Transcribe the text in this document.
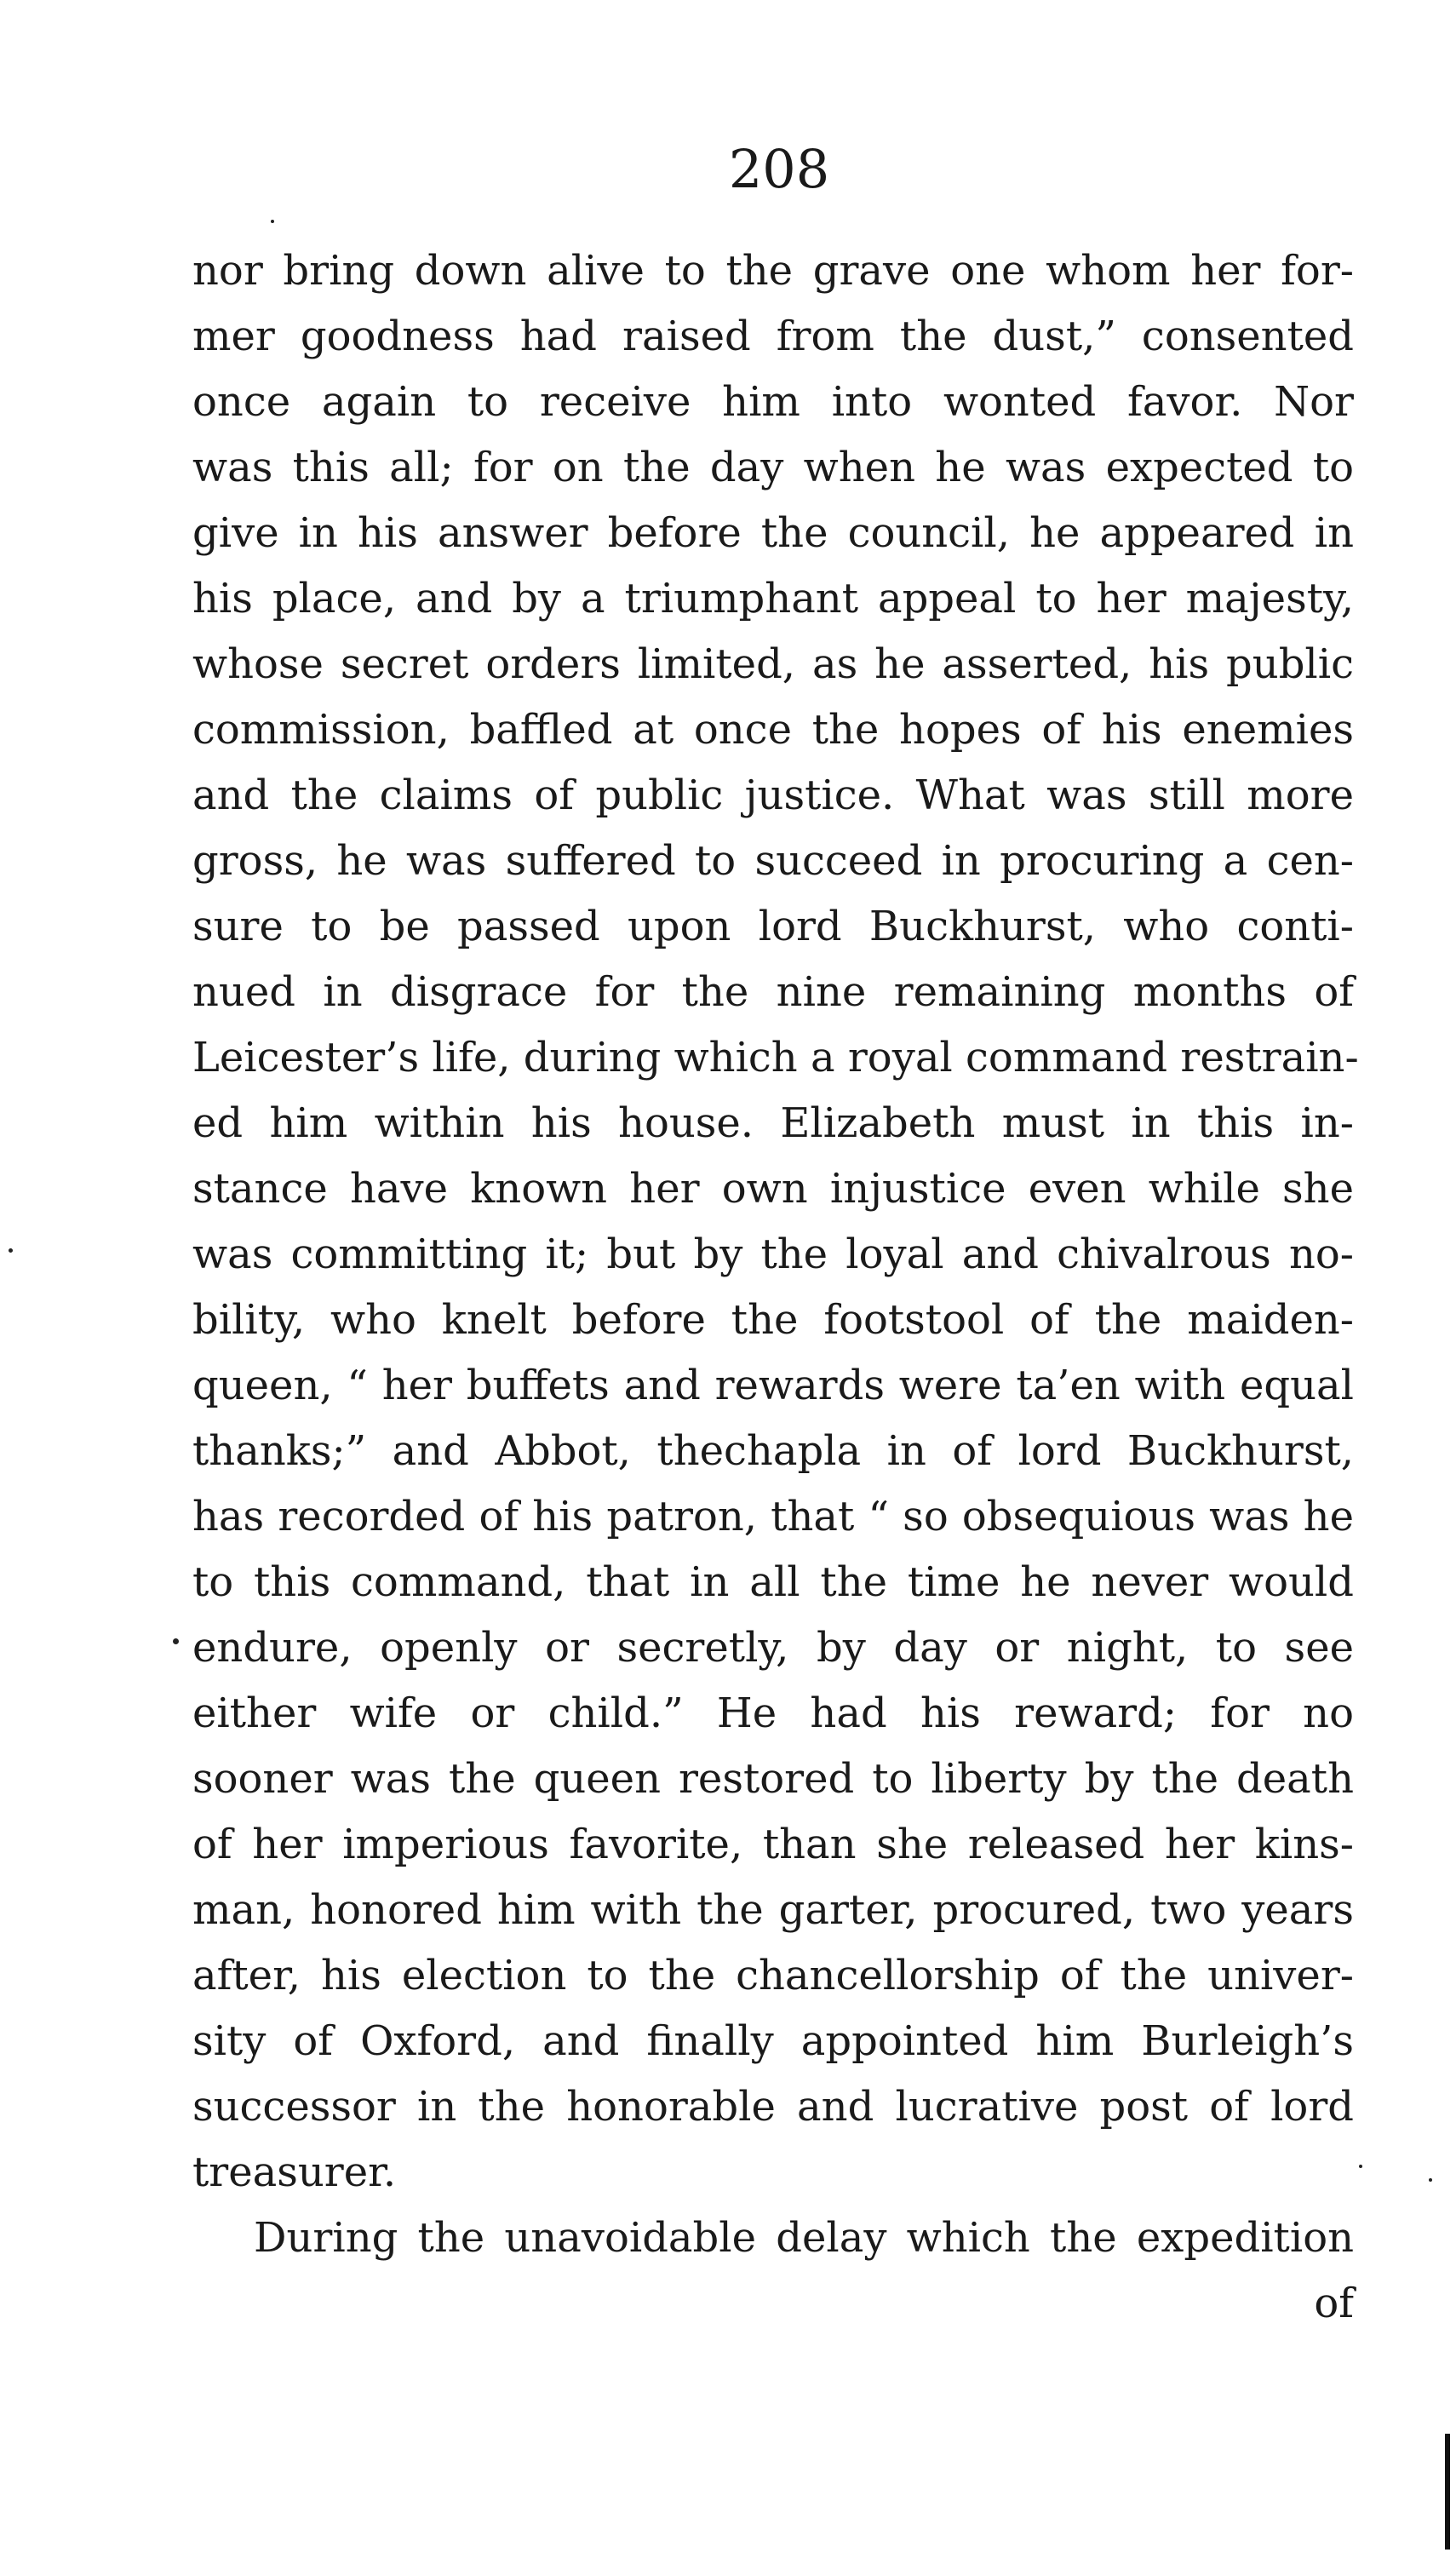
208
nor bring down alive to the grave one whom her for-
mer goodness had raised from the dust,” consented
once again to receive him into wonted favor. Nor
was this all; for on the day when he was expected to
give in his answer before the council, he appeared in
his place, and by a triumphant appeal to her majesty,
whose secret orders limited, as he asserted, his public
commission, baffled at once the hopes of his enemies
and the claims of public justice. What was still more
gross, he was suffered to succeed in procuring a cen-
sure to be passed upon lord Buckhurst, who conti-
nued in disgrace for the nine remaining months of
Leicester’s life, during which a royal command restrain-
ed him within his house. Elizabeth must in this in-
stance have known her own injustice even while she
was committing it; but by the loyal and chivalrous no-
bility, who knelt before the footstool of the maiden-
queen, “ her buffets and rewards were ta’en with equal
thanks;” and Abbot, thechapla in of lord Buckhurst,
has recorded of his patron, that “ so obsequious was he
to this command, that in all the time he never would
endure, openly or secretly, by day or night, to see
either wife or child.” He had his reward; for no
sooner was the queen restored to liberty by the death
of her imperious favorite, than she released her kins-
man, honored him with the garter, procured, two years
after, his election to the chancellorship of the univer-
sity of Oxford, and finally appointed him Burleigh’s
successor in the honorable and lucrative post of lord
treasurer.
During the unavoidable delay which the expedition
of
